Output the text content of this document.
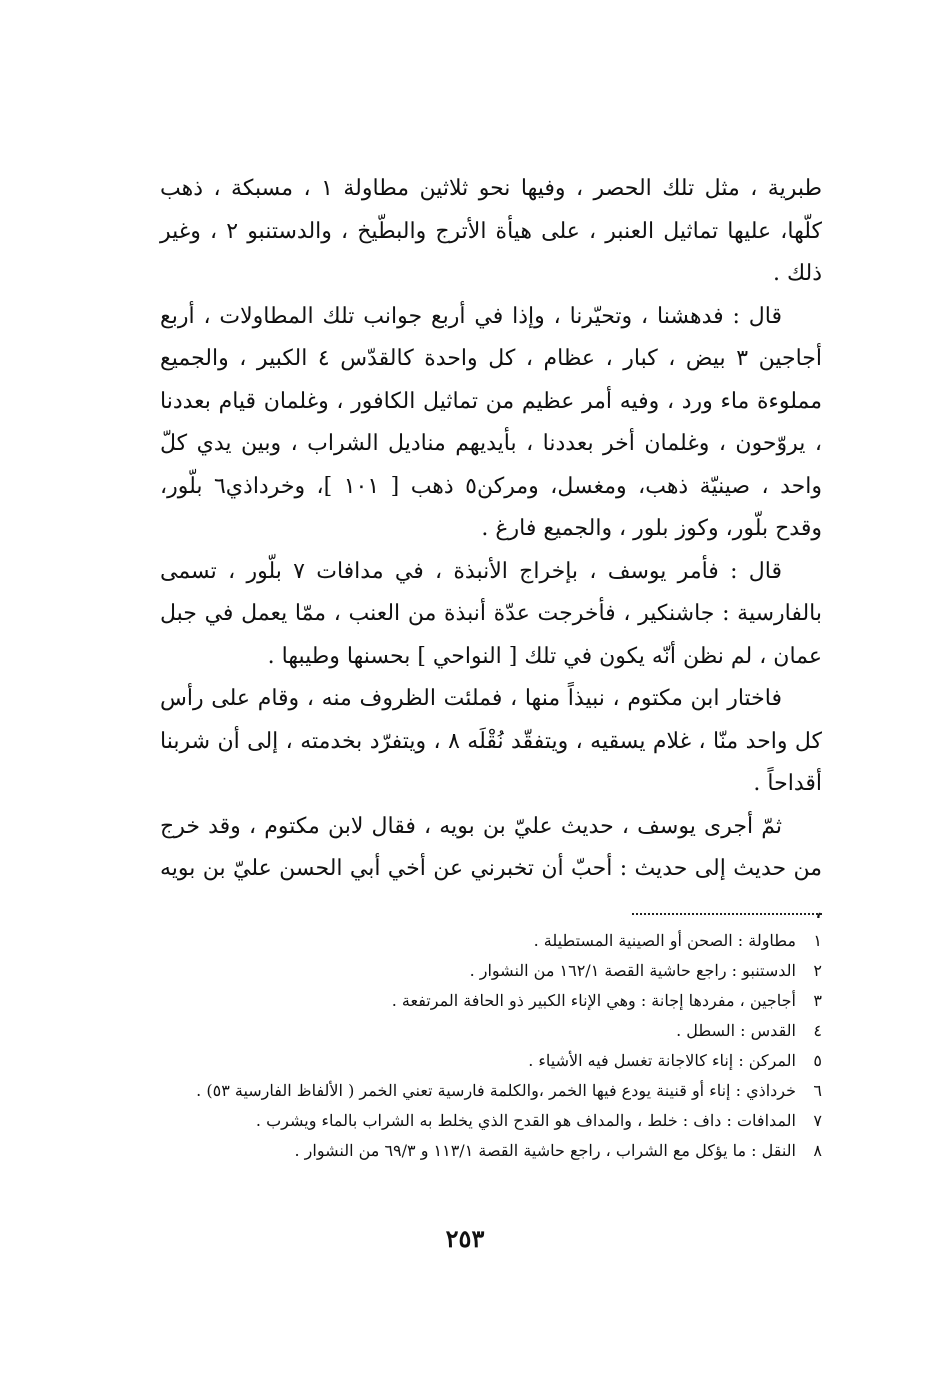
طبرية ، مثل تلك الحصر ، وفيها نحو ثلاثين مطاولة ١ ، مسبكة ، ذهب كلّها، عليها تماثيل العنبر ، على هيأة الأترج والبطّيخ ، والدستنبو ٢ ، وغير ذلك .

قال : فدهشنا ، وتحيّرنا ، وإذا في أربع جوانب تلك المطاولات ، أربع أجاجين ٣ بيض ، كبار ، عظام ، كل واحدة كالقدّس ٤ الكبير ، والجميع مملوءة ماء ورد ، وفيه أمر عظيم من تماثيل الكافور ، وغلمان قيام بعددنا ، يروّحون ، وغلمان أخر بعددنا ، بأيديهم مناديل الشراب ، وبين يدي كلّ واحد ، صينيّة ذهب، ومغسل، ومركن٥ ذهب [ ١٠١ ]، وخرداذي٦ بلّور، وقدح بلّور، وكوز بلور ، والجميع فارغ .

قال : فأمر يوسف ، بإخراج الأنبذة ، في مدافات ٧ بلّور ، تسمى بالفارسية : جاشنكير ، فأخرجت عدّة أنبذة من العنب ، ممّا يعمل في جبل عمان ، لم نظن أنّه يكون في تلك [ النواحي ] بحسنها وطيبها .

فاختار ابن مكتوم ، نبيذاً منها ، فملئت الظروف منه ، وقام على رأس كل واحد منّا ، غلام يسقيه ، ويتفقّد نُقْلَه ٨ ، ويتفرّد بخدمته ، إلى أن شربنا أقداحاً .

ثمّ أجرى يوسف ، حديث عليّ بن بويه ، فقال لابن مكتوم ، وقد خرج من حديث إلى حديث : أحبّ أن تخبرني عن أخي أبي الحسن عليّ بن بويه ،

١
مطاولة : الصحن أو الصينية المستطيلة .
٢
الدستنبو : راجع حاشية القصة ١٦٢/١ من النشوار .
٣
أجاجين ، مفردها إجانة : وهي الإناء الكبير ذو الحافة المرتفعة .
٤
القدس : السطل .
٥
المركن : إناء كالاجانة تغسل فيه الأشياء .
٦
خرداذي : إناء أو قنينة يودع فيها الخمر ،والكلمة فارسية تعني الخمر ( الألفاظ الفارسية ٥٣) .
٧
المدافات : داف : خلط ، والمداف هو القدح الذي يخلط به الشراب بالماء ويشرب .
٨
النقل : ما يؤكل مع الشراب ، راجع حاشية القصة ١١٣/١ و ٦٩/٣ من النشوار .
٢٥٣
